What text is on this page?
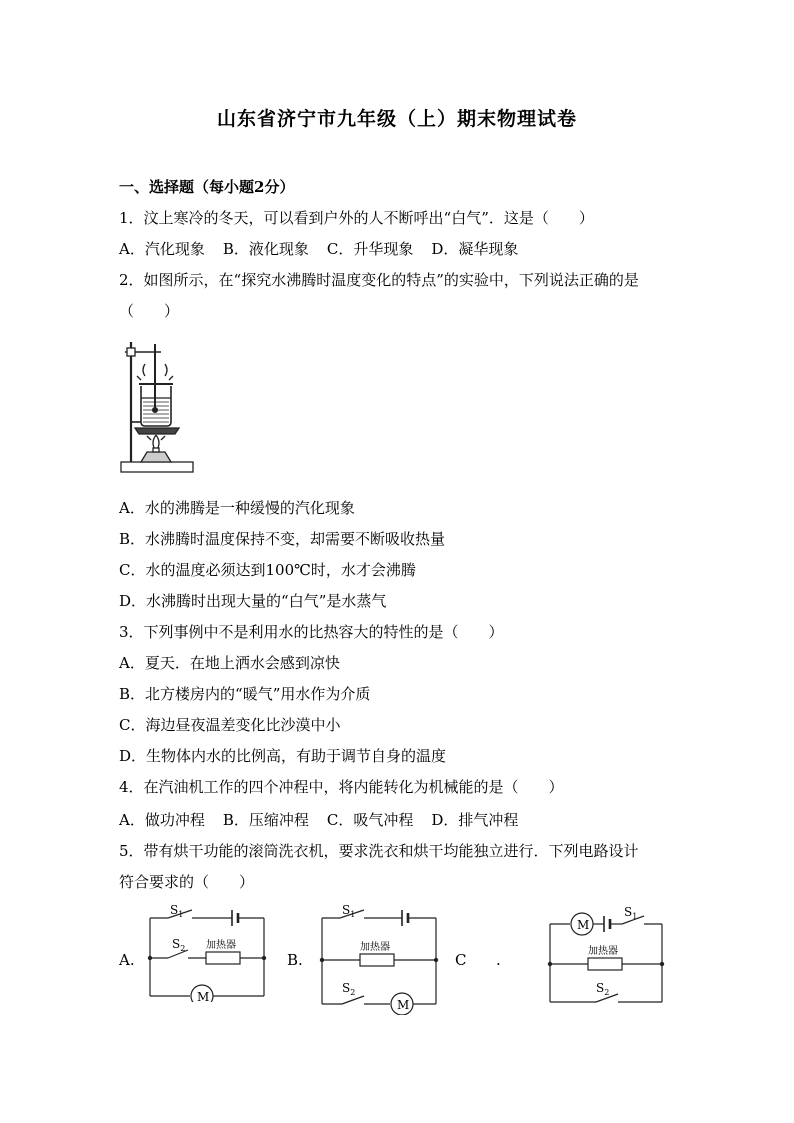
山东省济宁市九年级（上）期末物理试卷
一、选择题（每小题2分）
1．汶上寒冷的冬天，可以看到户外的人不断呼出“白气”．这是（　　）
A．汽化现象 B．液化现象 C．升华现象 D．凝华现象
2．如图所示，在“探究水沸腾时温度变化的特点”的实验中，下列说法正确的是
（　　）
A．水的沸腾是一种缓慢的汽化现象
B．水沸腾时温度保持不变，却需要不断吸收热量
C．水的温度必须达到100℃时，水才会沸腾
D．水沸腾时出现大量的“白气”是水蒸气
3．下列事例中不是利用水的比热容大的特性的是（　　）
A．夏天．在地上洒水会感到凉快
B．北方楼房内的“暖气”用水作为介质
C．海边昼夜温差变化比沙漠中小
D．生物体内水的比例高，有助于调节自身的温度
4．在汽油机工作的四个冲程中，将内能转化为机械能的是（　　）
A．做功冲程 B．压缩冲程 C．吸气冲程 D．排气冲程
5．带有烘干功能的滚筒洗衣机，要求洗衣和烘干均能独立进行．下列电路设计
符合要求的（　　）
A.	B.	C .
$S_1$
$S_2$ 加热器
M
$S_1$
加热器
$S_2$
M
M
$S_1$
加热器
$S_2$
